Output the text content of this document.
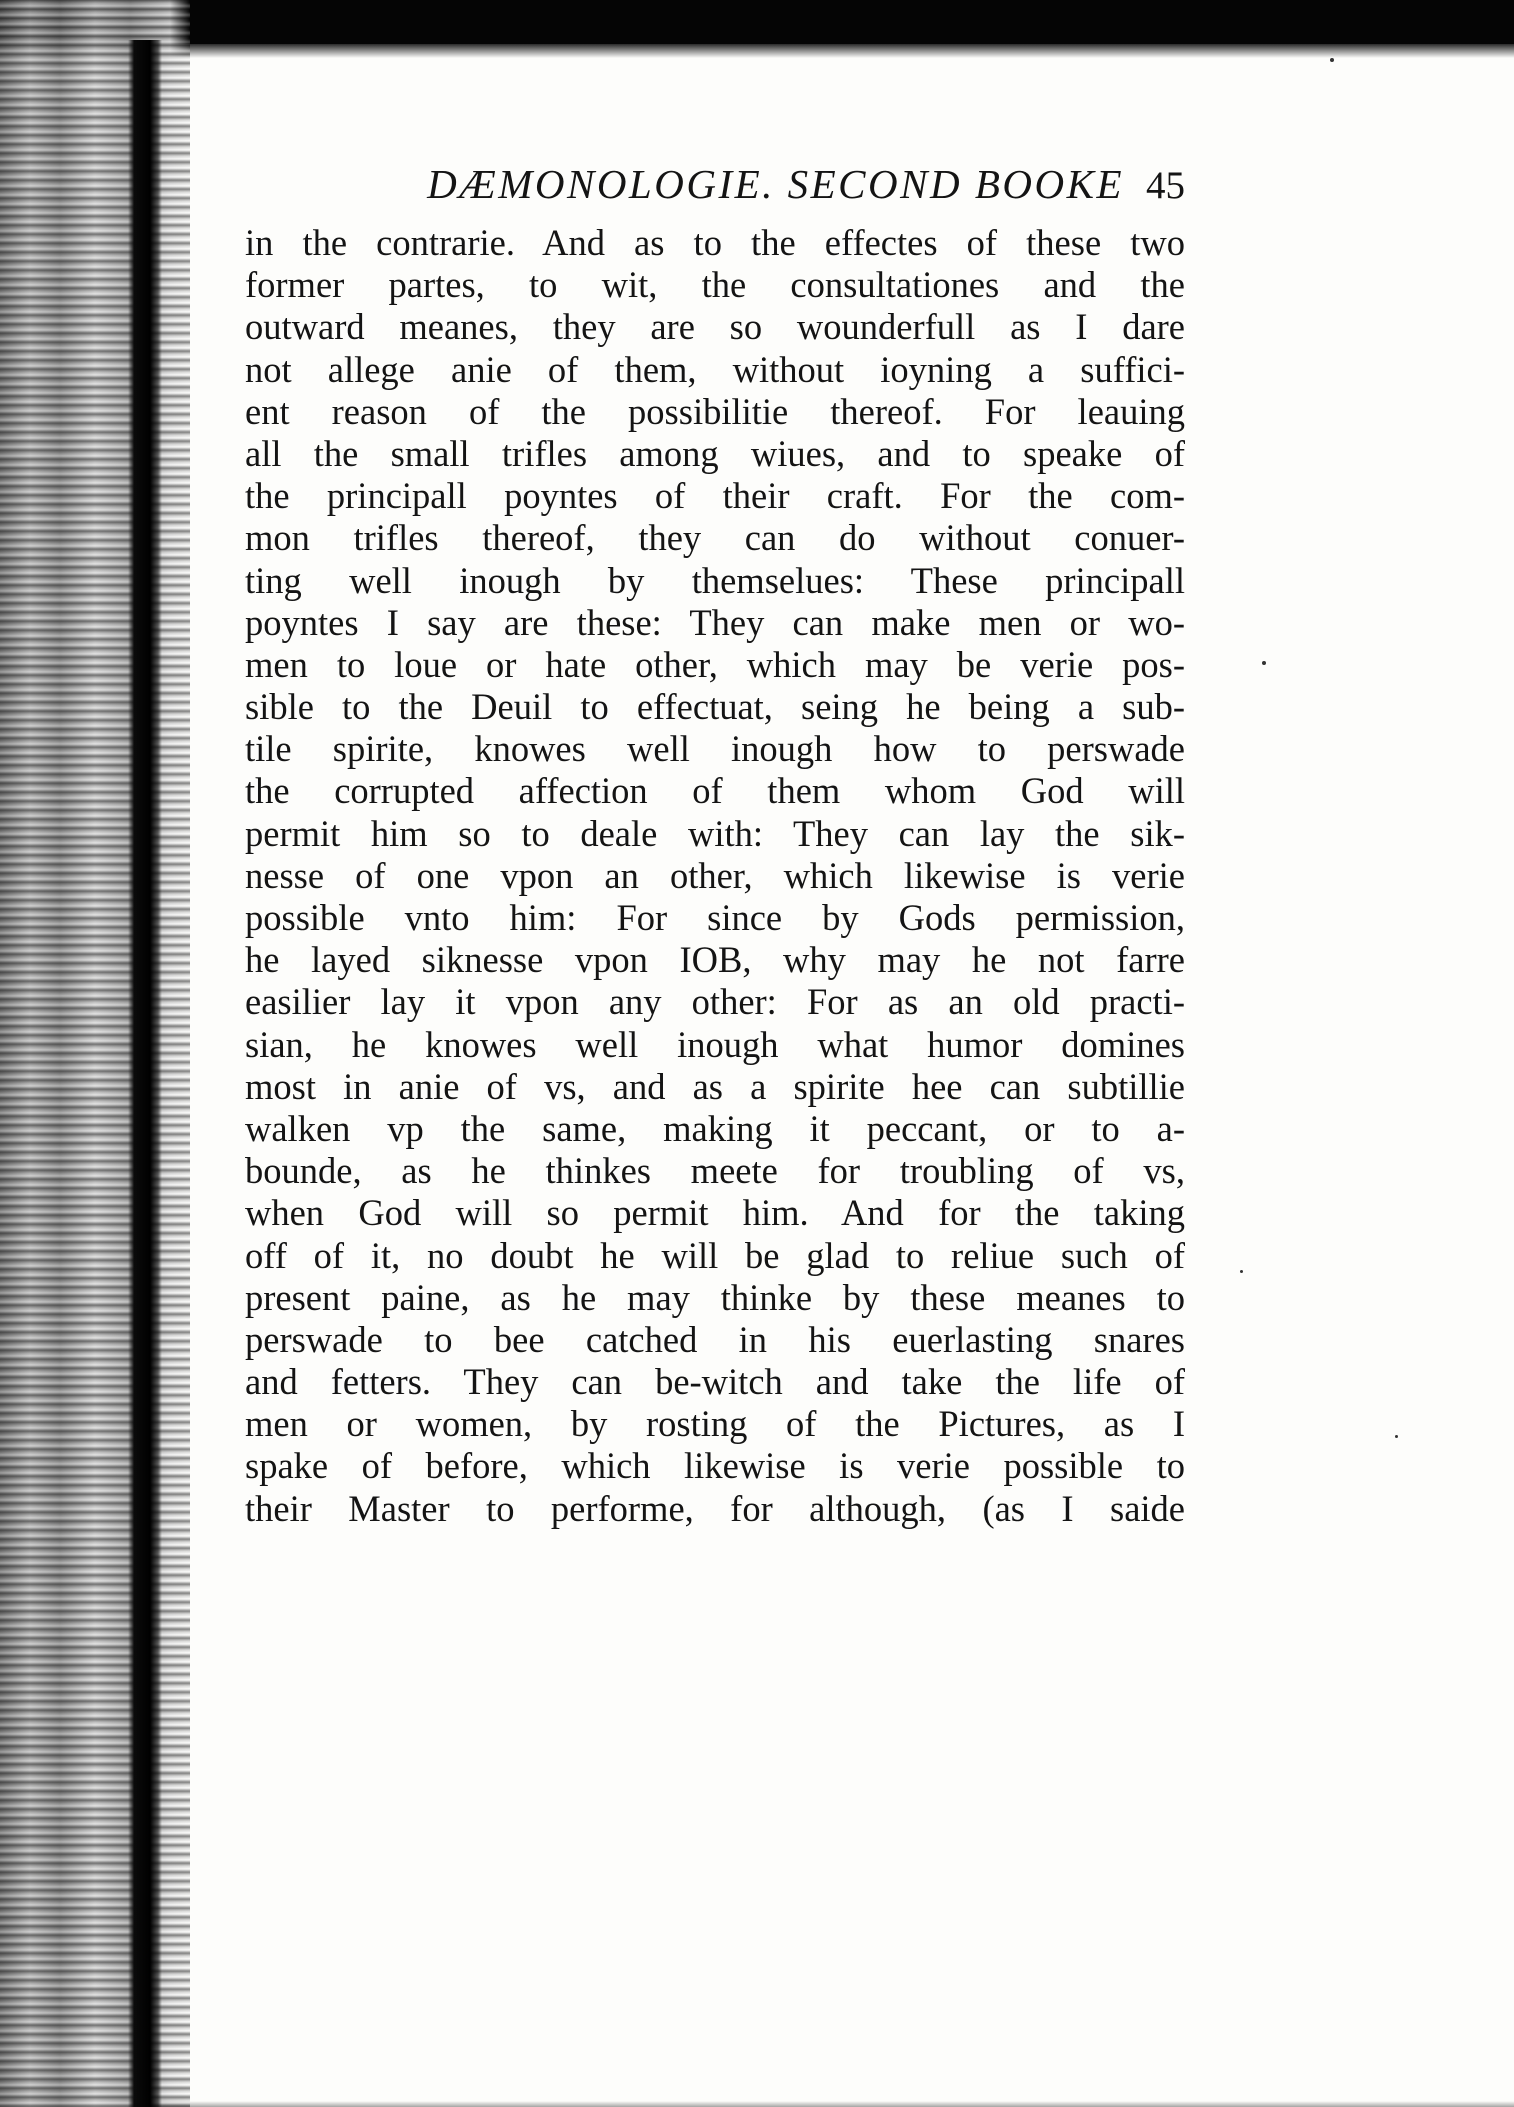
DÆMONOLOGIE. SECOND BOOKE 45
in the contrarie. And as to the effectes of these two
former partes, to wit, the consultationes and the
outward meanes, they are so wounderfull as I dare
not allege anie of them, without ioyning a suffici-
ent reason of the possibilitie thereof. For leauing
all the small trifles among wiues, and to speake of
the principall poyntes of their craft. For the com-
mon trifles thereof, they can do without conuer-
ting well inough by themselues: These principall
poyntes I say are these: They can make men or wo-
men to loue or hate other, which may be verie pos-
sible to the Deuil to effectuat, seing he being a sub-
tile spirite, knowes well inough how to perswade
the corrupted affection of them whom God will
permit him so to deale with: They can lay the sik-
nesse of one vpon an other, which likewise is verie
possible vnto him: For since by Gods permission,
he layed siknesse vpon IOB, why may he not farre
easilier lay it vpon any other: For as an old practi-
sian, he knowes well inough what humor domines
most in anie of vs, and as a spirite hee can subtillie
walken vp the same, making it peccant, or to a-
bounde, as he thinkes meete for troubling of vs,
when God will so permit him. And for the taking
off of it, no doubt he will be glad to reliue such of
present paine, as he may thinke by these meanes to
perswade to bee catched in his euerlasting snares
and fetters. They can be-witch and take the life of
men or women, by rosting of the Pictures, as I
spake of before, which likewise is verie possible to
their Master to performe, for although, (as I saide
